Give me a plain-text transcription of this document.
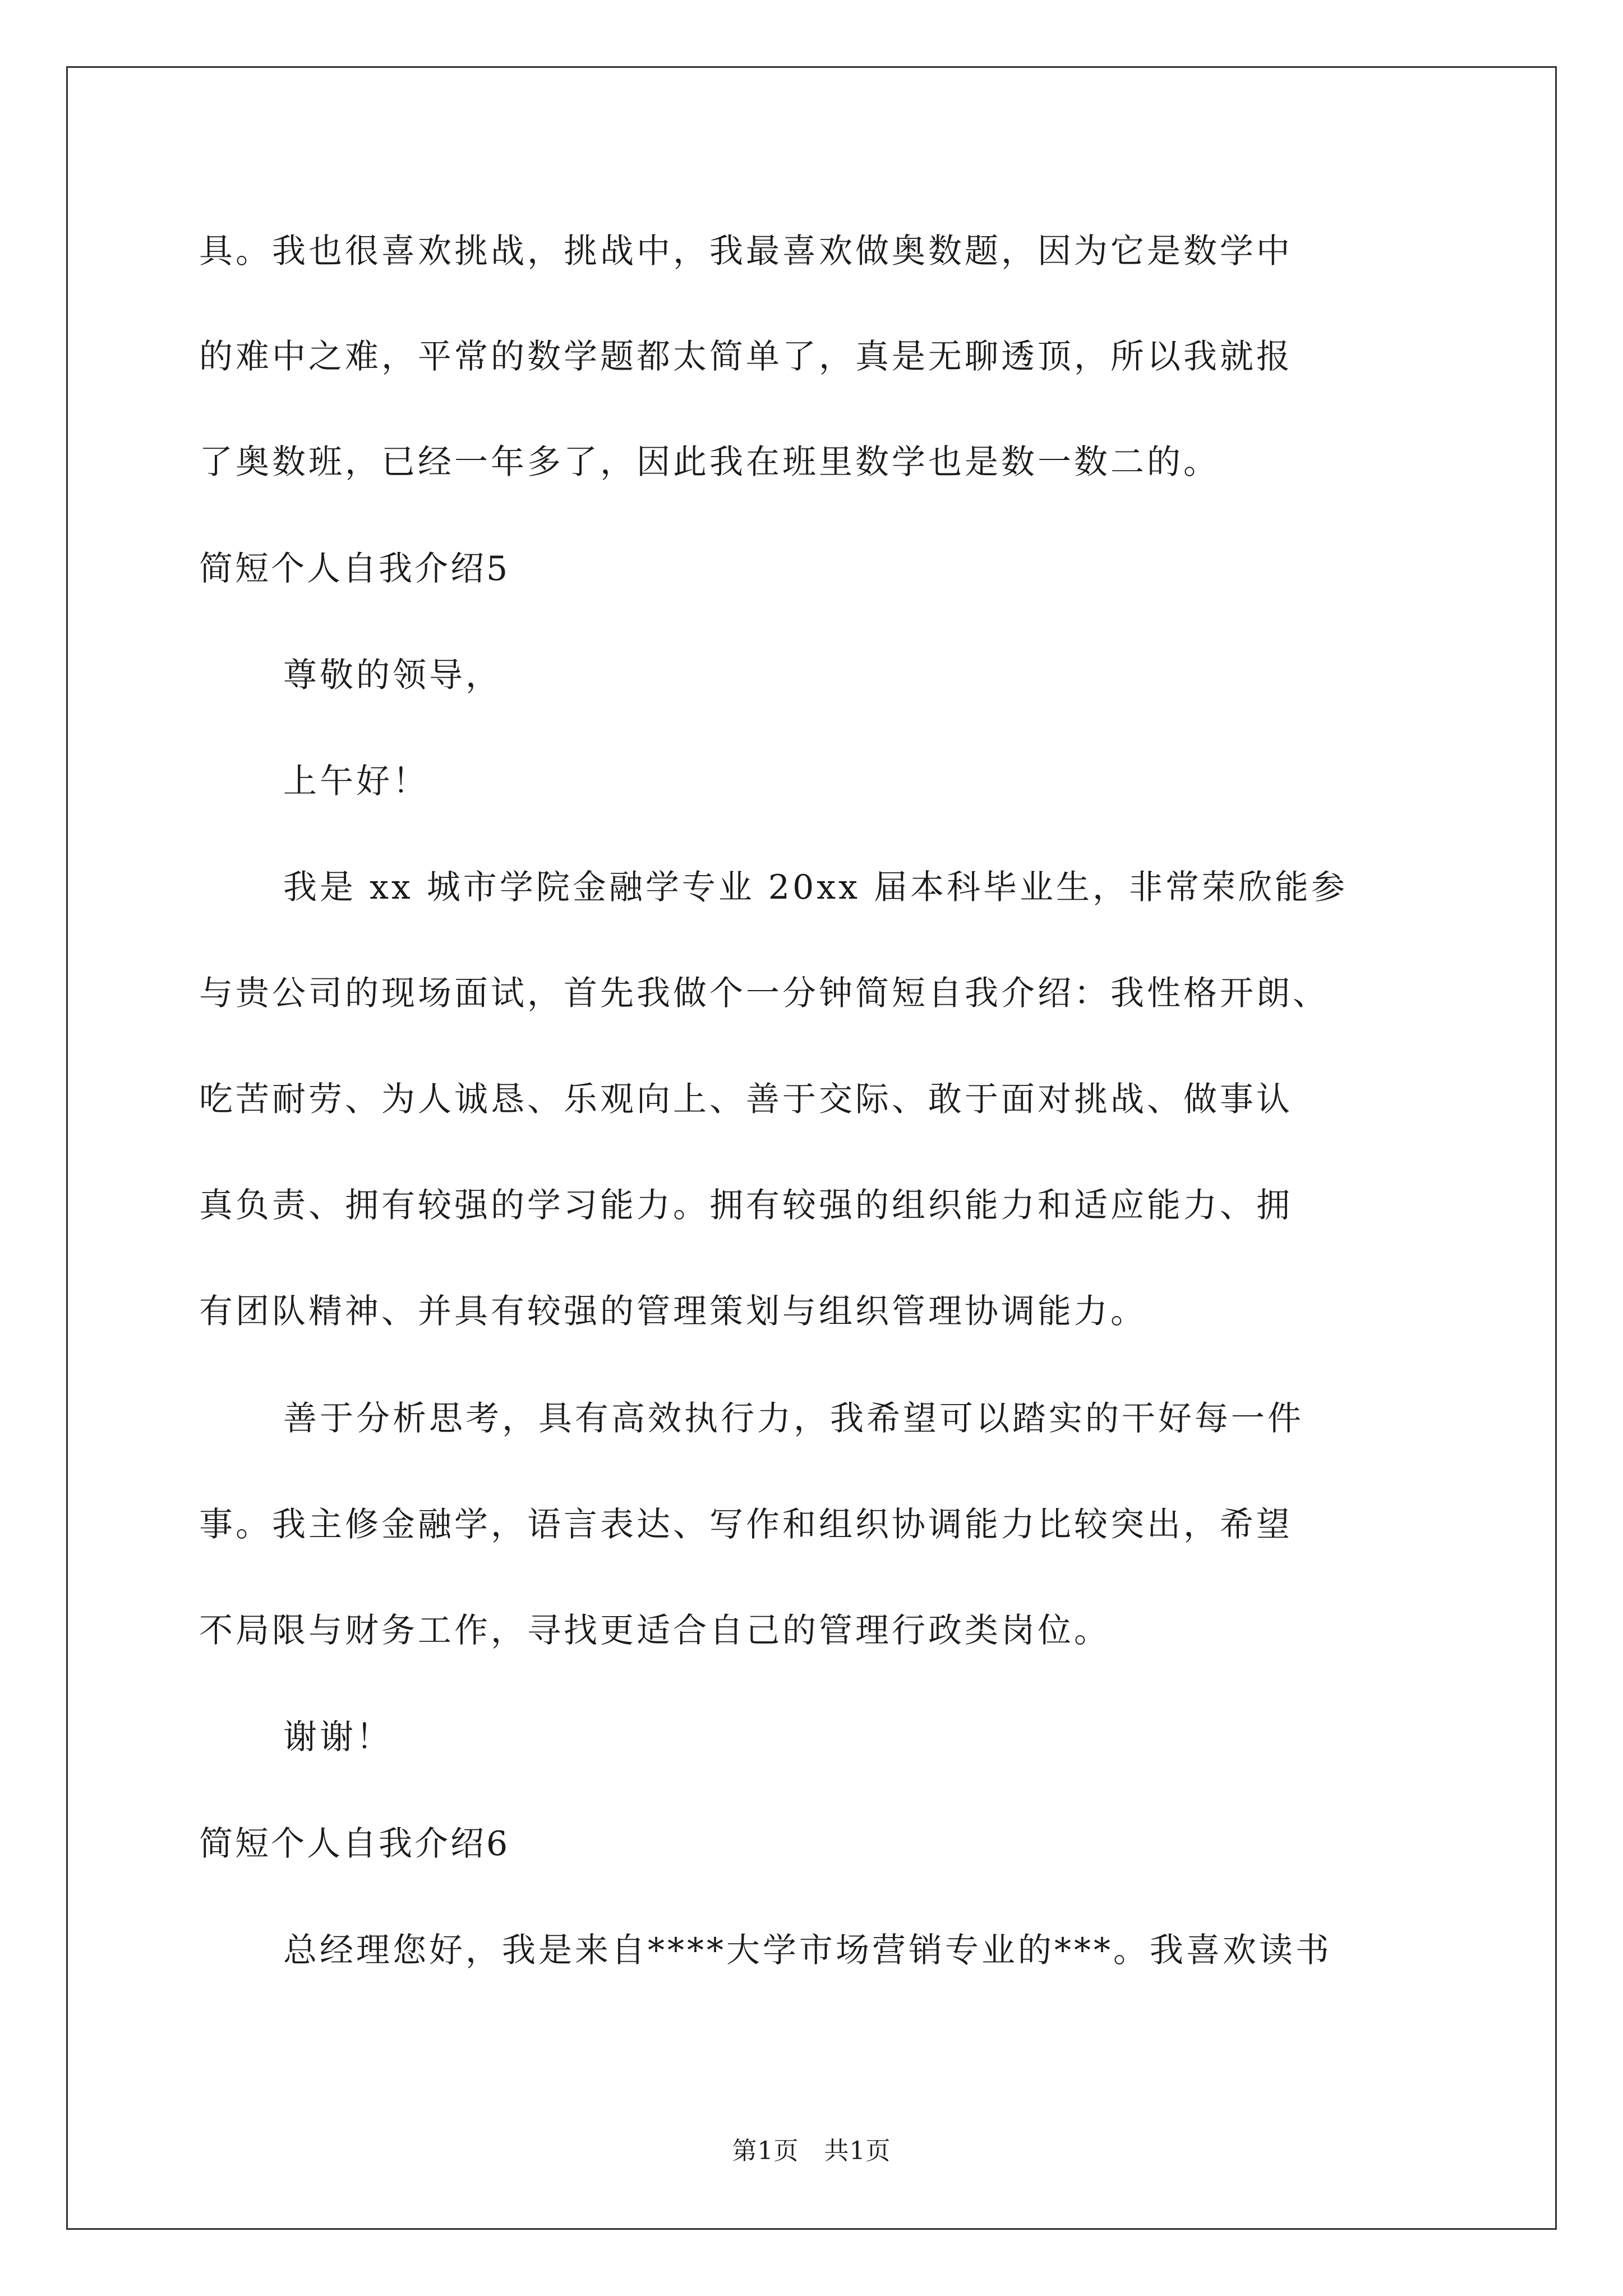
具。我也很喜欢挑战，挑战中，我最喜欢做奥数题，因为它是数学中
的难中之难，平常的数学题都太简单了，真是无聊透顶，所以我就报
了奥数班，已经一年多了，因此我在班里数学也是数一数二的。
简短个人自我介绍5
尊敬的领导，
上午好！
我是 xx 城市学院金融学专业 20xx 届本科毕业生，非常荣欣能参
与贵公司的现场面试，首先我做个一分钟简短自我介绍：我性格开朗、
吃苦耐劳、为人诚恳、乐观向上、善于交际、敢于面对挑战、做事认
真负责、拥有较强的学习能力。拥有较强的组织能力和适应能力、拥
有团队精神、并具有较强的管理策划与组织管理协调能力。
善于分析思考，具有高效执行力，我希望可以踏实的干好每一件
事。我主修金融学，语言表达、写作和组织协调能力比较突出，希望
不局限与财务工作，寻找更适合自己的管理行政类岗位。
谢谢！
简短个人自我介绍6
总经理您好，我是来自****大学市场营销专业的***。我喜欢读书
第1页　共1页
